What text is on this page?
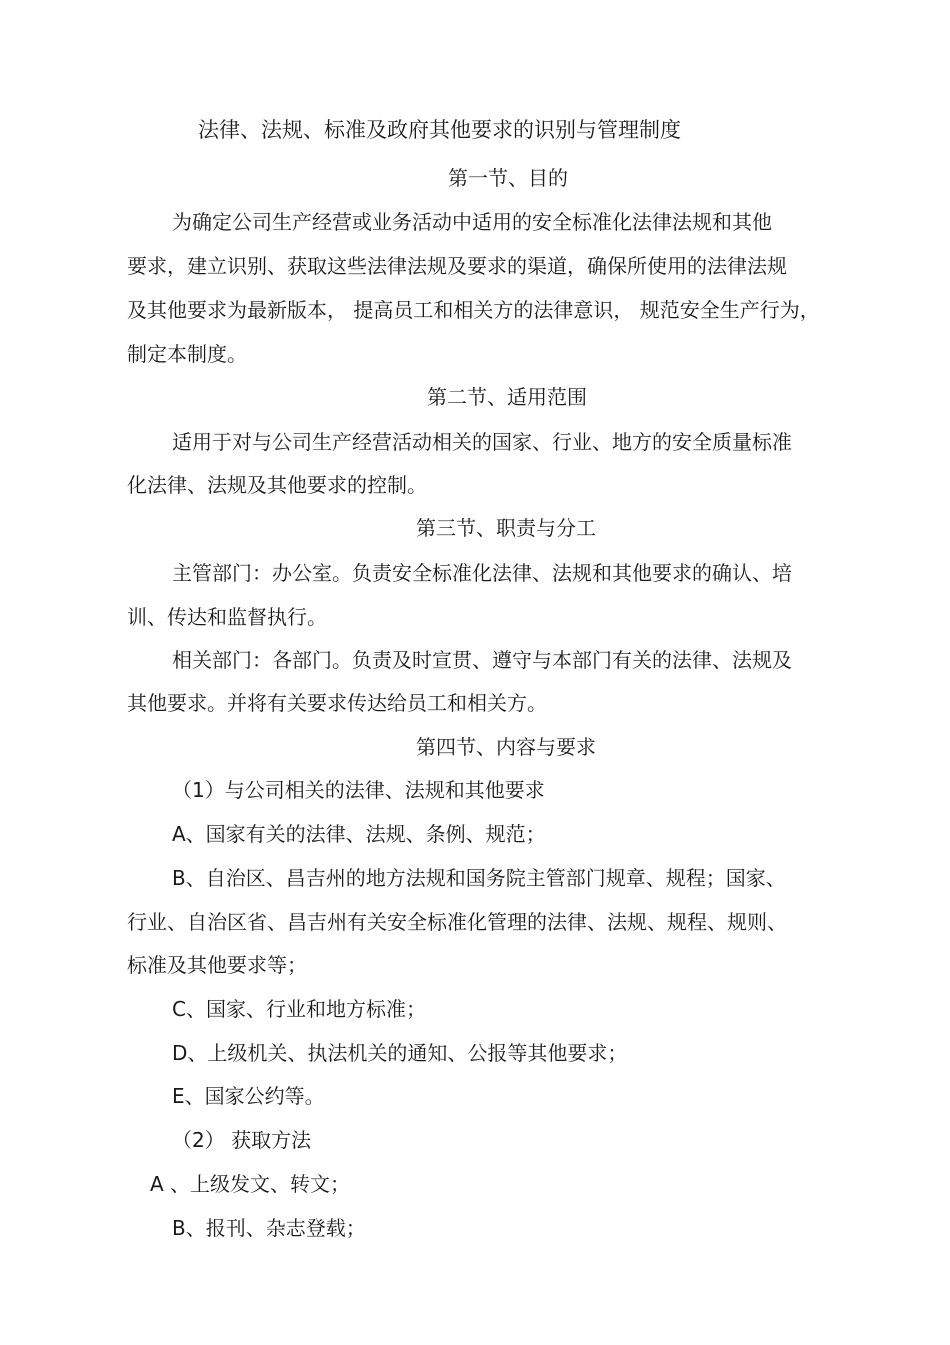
法律、法规、标准及政府其他要求的识别与管理制度
第一节、目的
为确定公司生产经营或业务活动中适用的安全标准化法律法规和其他
要求，建立识别、获取这些法律法规及要求的渠道，确保所使用的法律法规
及其他要求为最新版本， 提高员工和相关方的法律意识， 规范安全生产行为，
制定本制度。
第二节、适用范围
适用于对与公司生产经营活动相关的国家、行业、地方的安全质量标准
化法律、法规及其他要求的控制。
第三节、职责与分工
主管部门：办公室。负责安全标准化法律、法规和其他要求的确认、培
训、传达和监督执行。
相关部门：各部门。负责及时宣贯、遵守与本部门有关的法律、法规及
其他要求。并将有关要求传达给员工和相关方。
第四节、内容与要求
（1）与公司相关的法律、法规和其他要求
A、国家有关的法律、法规、条例、规范；
B、自治区、昌吉州的地方法规和国务院主管部门规章、规程；国家、
行业、自治区省、昌吉州有关安全标准化管理的法律、法规、规程、规则、
标准及其他要求等；
C、国家、行业和地方标准；
D、上级机关、执法机关的通知、公报等其他要求；
E、国家公约等。
（2） 获取方法
A 、上级发文、转文；
B、报刊、杂志登载；
